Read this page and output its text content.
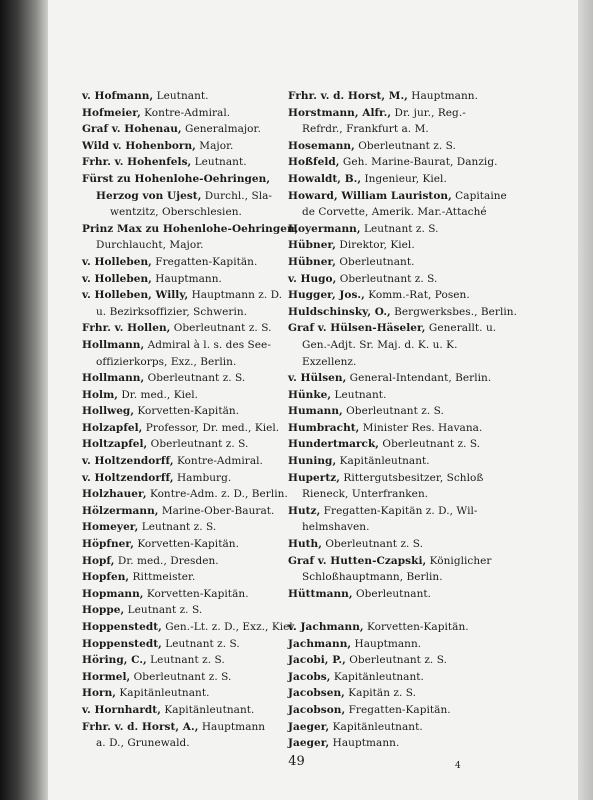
v. Hofmann, Leutnant.
Hofmeier, Kontre-Admiral.
Graf v. Hohenau, Generalmajor.
Wild v. Hohenborn, Major.
Frhr. v. Hohenfels, Leutnant.
Fürst zu Hohenlohe-Oehringen,
Herzog von Ujest, Durchl., Sla-
wentzitz, Oberschlesien.
Prinz Max zu Hohenlohe-Oehringen,
Durchlaucht, Major.
v. Holleben, Fregatten-Kapitän.
v. Holleben, Hauptmann.
v. Holleben, Willy, Hauptmann z. D.
u. Bezirksoffizier, Schwerin.
Frhr. v. Hollen, Oberleutnant z. S.
Hollmann, Admiral à l. s. des See-
offizierkorps, Exz., Berlin.
Hollmann, Oberleutnant z. S.
Holm, Dr. med., Kiel.
Hollweg, Korvetten-Kapitän.
Holzapfel, Professor, Dr. med., Kiel.
Holtzapfel, Oberleutnant z. S.
v. Holtzendorff, Kontre-Admiral.
v. Holtzendorff, Hamburg.
Holzhauer, Kontre-Adm. z. D., Berlin.
Hölzermann, Marine-Ober-Baurat.
Homeyer, Leutnant z. S.
Höpfner, Korvetten-Kapitän.
Hopf, Dr. med., Dresden.
Hopfen, Rittmeister.
Hopmann, Korvetten-Kapitän.
Hoppe, Leutnant z. S.
Hoppenstedt, Gen.-Lt. z. D., Exz., Kiel.
Hoppenstedt, Leutnant z. S.
Höring, C., Leutnant z. S.
Hormel, Oberleutnant z. S.
Horn, Kapitänleutnant.
v. Hornhardt, Kapitänleutnant.
Frhr. v. d. Horst, A., Hauptmann
a. D., Grunewald.
Frhr. v. d. Horst, M., Hauptmann.
Horstmann, Alfr., Dr. jur., Reg.-
Refrdr., Frankfurt a. M.
Hosemann, Oberleutnant z. S.
Hoßfeld, Geh. Marine-Baurat, Danzig.
Howaldt, B., Ingenieur, Kiel.
Howard, William Lauriston, Capitaine
de Corvette, Amerik. Mar.-Attaché
Hoyermann, Leutnant z. S.
Hübner, Direktor, Kiel.
Hübner, Oberleutnant.
v. Hugo, Oberleutnant z. S.
Hugger, Jos., Komm.-Rat, Posen.
Huldschinsky, O., Bergwerksbes., Berlin.
Graf v. Hülsen-Häseler, Generallt. u.
Gen.-Adjt. Sr. Maj. d. K. u. K.
Exzellenz.
v. Hülsen, General-Intendant, Berlin.
Hünke, Leutnant.
Humann, Oberleutnant z. S.
Humbracht, Minister Res. Havana.
Hundertmarck, Oberleutnant z. S.
Huning, Kapitänleutnant.
Hupertz, Rittergutsbesitzer, Schloß
Rieneck, Unterfranken.
Hutz, Fregatten-Kapitän z. D., Wil-
helmshaven.
Huth, Oberleutnant z. S.
Graf v. Hutten-Czapski, Königlicher
Schloßhauptmann, Berlin.
Hüttmann, Oberleutnant.
v. Jachmann, Korvetten-Kapitän.
Jachmann, Hauptmann.
Jacobi, P., Oberleutnant z. S.
Jacobs, Kapitänleutnant.
Jacobsen, Kapitän z. S.
Jacobson, Fregatten-Kapitän.
Jaeger, Kapitänleutnant.
Jaeger, Hauptmann.
49	4
